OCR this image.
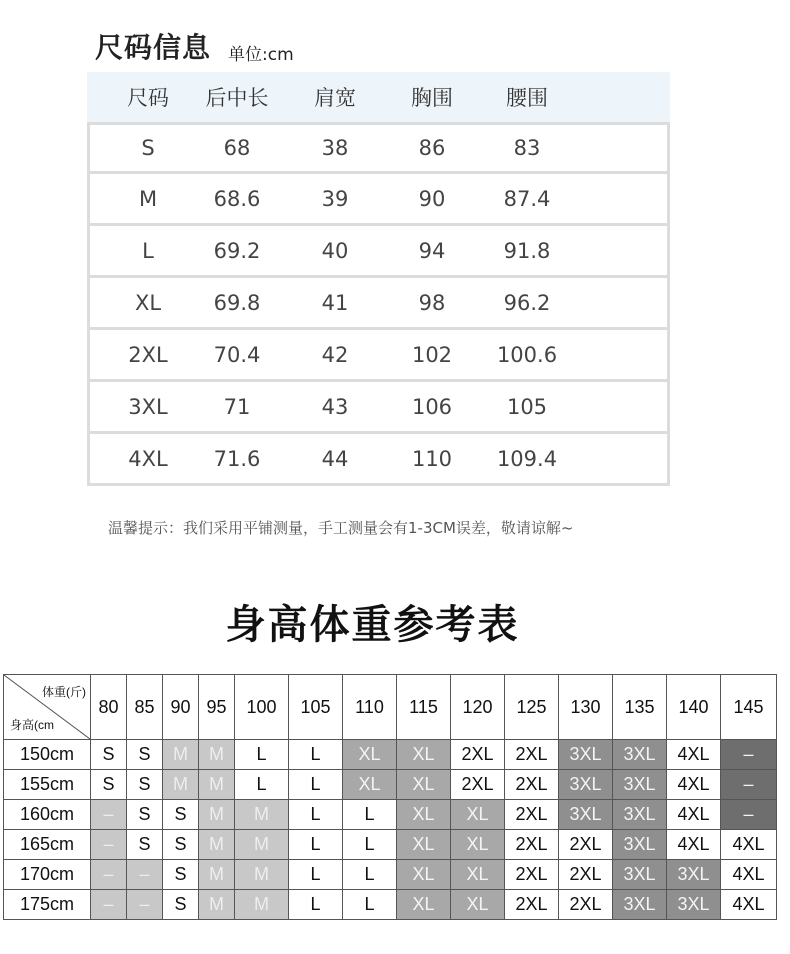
尺码信息 单位:cm
尺码	后中长	肩宽	胸围	腰围
S	68	38	86	83
M	68.6	39	90	87.4
L	69.2	40	94	91.8
XL	69.8	41	98	96.2
2XL	70.4	42	102	100.6
3XL	71	43	106	105
4XL	71.6	44	110	109.4
温馨提示：我们采用平铺测量，手工测量会有1-3CM误差，敬请谅解~
身高体重参考表
体重(斤)
身高(cm	80	85	90	95	100	105	110	115	120	125	130	135	140	145
150cm	S	S	M	M	L	L	XL	XL	2XL	2XL	3XL	3XL	4XL	–
155cm	S	S	M	M	L	L	XL	XL	2XL	2XL	3XL	3XL	4XL	–
160cm	–	S	S	M	M	L	L	XL	XL	2XL	3XL	3XL	4XL	–
165cm	–	S	S	M	M	L	L	XL	XL	2XL	2XL	3XL	4XL	4XL
170cm	–	–	S	M	M	L	L	XL	XL	2XL	2XL	3XL	3XL	4XL
175cm	–	–	S	M	M	L	L	XL	XL	2XL	2XL	3XL	3XL	4XL
